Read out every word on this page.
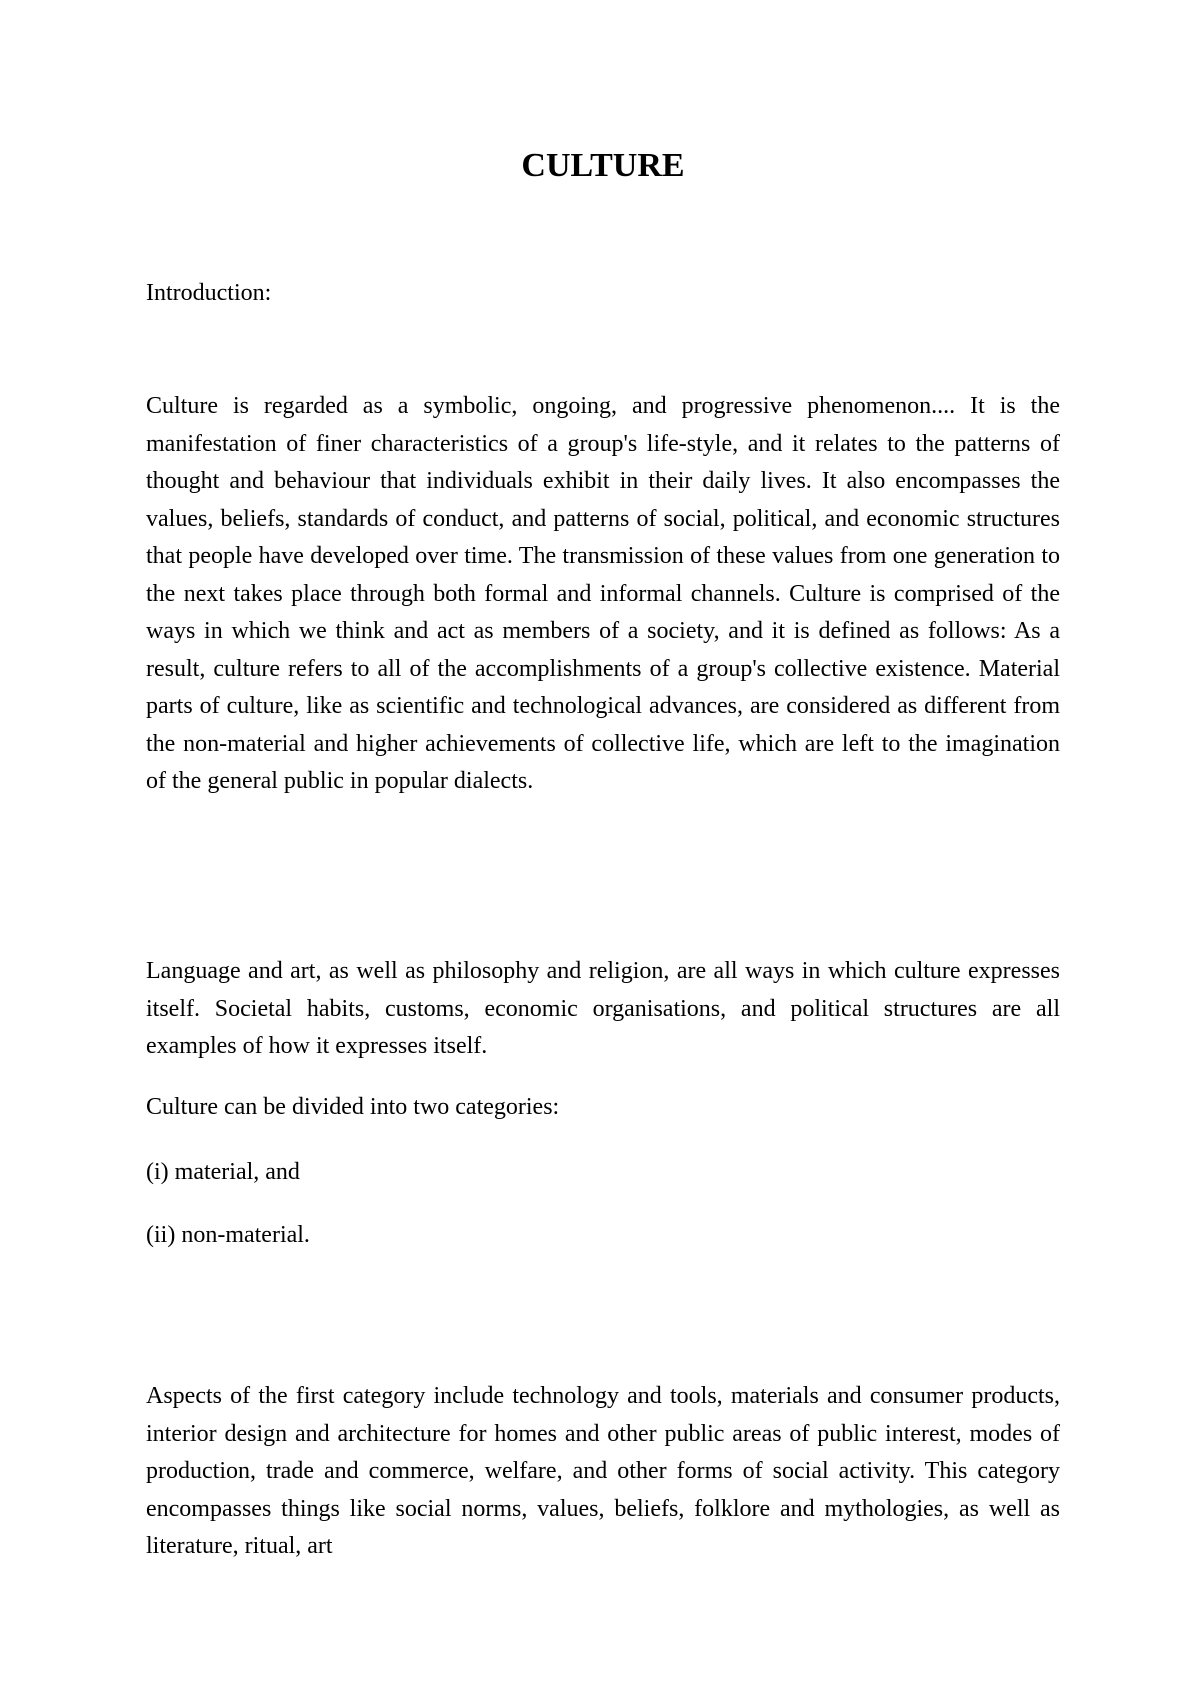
CULTURE

Introduction:

Culture is regarded as a symbolic, ongoing, and progressive phenomenon.... It is the manifestation of finer characteristics of a group's life-style, and it relates to the patterns of thought and behaviour that individuals exhibit in their daily lives. It also encompasses the values, beliefs, standards of conduct, and patterns of social, political, and economic structures that people have developed over time. The transmission of these values from one generation to the next takes place through both formal and informal channels. Culture is comprised of the ways in which we think and act as members of a society, and it is defined as follows: As a result, culture refers to all of the accomplishments of a group's collective existence. Material parts of culture, like as scientific and technological advances, are considered as different from the non-material and higher achievements of collective life, which are left to the imagination of the general public in popular dialects.

Language and art, as well as philosophy and religion, are all ways in which culture expresses itself. Societal habits, customs, economic organisations, and political structures are all examples of how it expresses itself.

Culture can be divided into two categories:

(i) material, and

(ii) non-material.

Aspects of the first category include technology and tools, materials and consumer products, interior design and architecture for homes and other public areas of public interest, modes of production, trade and commerce, welfare, and other forms of social activity. This category encompasses things like social norms, values, beliefs, folklore and mythologies, as well as literature, ritual, art
